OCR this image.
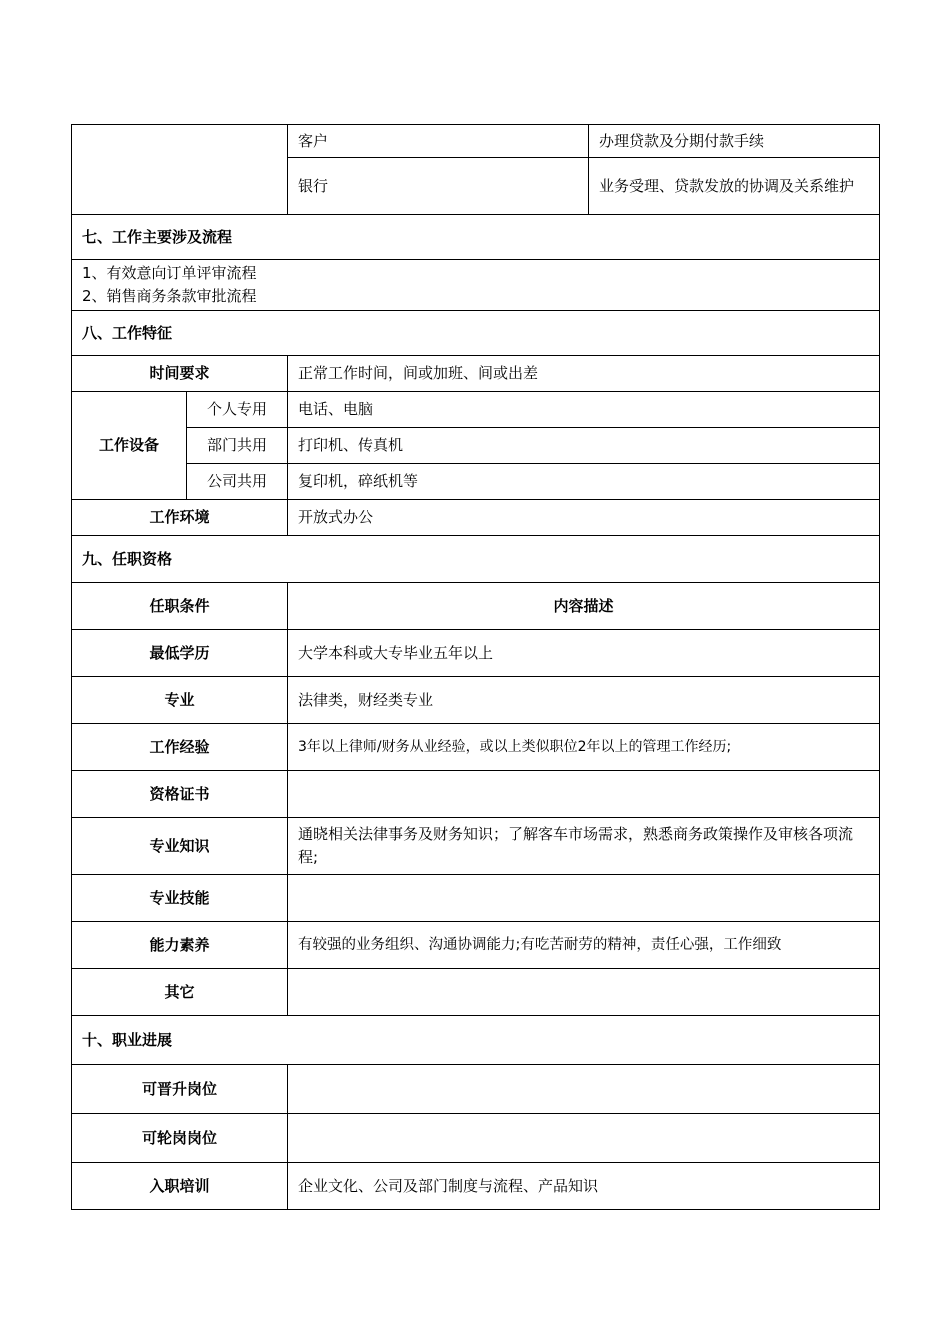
		客户	办理贷款及分期付款手续
		银行	业务受理、贷款发放的协调及关系维护
七、工作主要涉及流程			

1、有效意向订单评审流程
2、销售商务条款审批流程			

八、工作特征			
时间要求		正常工作时间，间或加班、间或出差	
工作设备	个人专用	电话、电脑	
	部门共用	打印机、传真机	
	公司共用	复印机，碎纸机等	
工作环境		开放式办公	
九、任职资格			
任职条件		内容描述	
最低学历		大学本科或大专毕业五年以上	
专业		法律类，财经类专业	
工作经验		3年以上律师/财务从业经验，或以上类似职位2年以上的管理工作经历;	
资格证书			
专业知识		通晓相关法律事务及财务知识；了解客车市场需求，熟悉商务政策操作及审核各项流程;	
专业技能			
能力素养		有较强的业务组织、沟通协调能力;有吃苦耐劳的精神，责任心强，工作细致	
其它			
十、职业进展			
可晋升岗位			
可轮岗岗位			
入职培训		企业文化、公司及部门制度与流程、产品知识	
